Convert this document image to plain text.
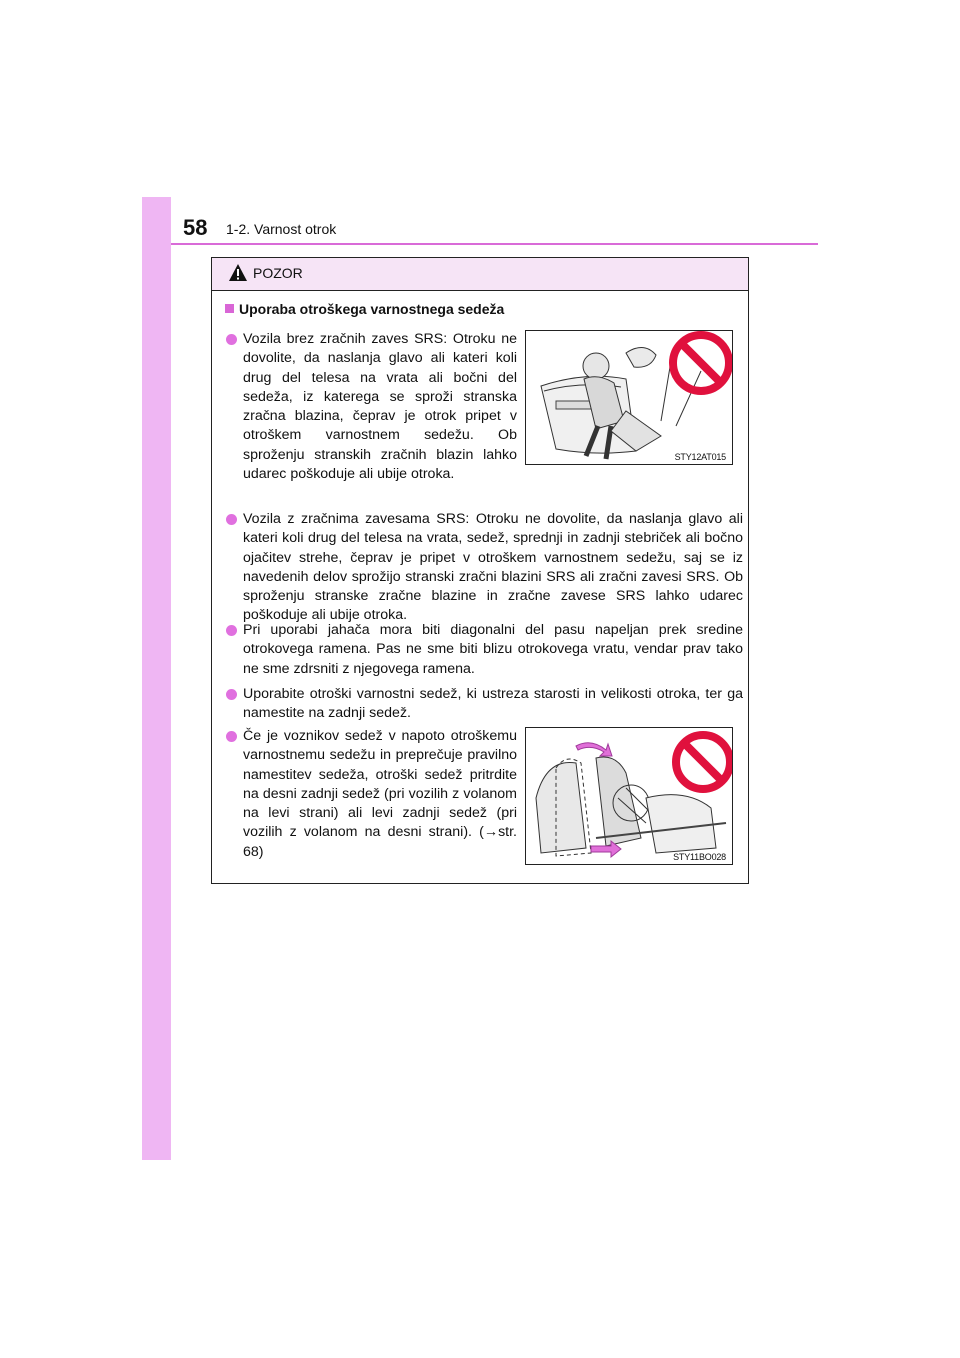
58 1-2. Varnost otrok
POZOR
Uporaba otroškega varnostnega sedeža
Vozila brez zračnih zaves SRS: Otroku ne dovolite, da naslanja glavo ali kateri koli drug del telesa na vrata ali bočni del sedeža, iz katerega se sproži stranska zračna blazina, čeprav je otrok pripet v otroškem varnostnem sedežu. Ob sproženju stranskih zračnih blazin lahko udarec poškoduje ali ubije otroka.
STY12AT015
Vozila z zračnima zavesama SRS: Otroku ne dovolite, da naslanja glavo ali kateri koli drug del telesa na vrata, sedež, sprednji in zadnji stebriček ali bočno ojačitev strehe, čeprav je pripet v otroškem varnostnem sedežu, saj se iz navedenih delov sprožijo stranski zračni blazini SRS ali zračni zavesi SRS. Ob sproženju stranske zračne blazine in zračne zavese SRS lahko udarec poškoduje ali ubije otroka.
Pri uporabi jahača mora biti diagonalni del pasu napeljan prek sredine otrokovega ramena. Pas ne sme biti blizu otrokovega vratu, vendar prav tako ne sme zdrsniti z njegovega ramena.
Uporabite otroški varnostni sedež, ki ustreza starosti in velikosti otroka, ter ga namestite na zadnji sedež.
Če je voznikov sedež v napoto otroškemu varnostnemu sedežu in preprečuje pravilno namestitev sedeža, otroški sedež pritrdite na desni zadnji sedež (pri vozilih z volanom na levi strani) ali levi zadnji sedež (pri vozilih z volanom na desni strani). (→str. 68)	STY11BO028
